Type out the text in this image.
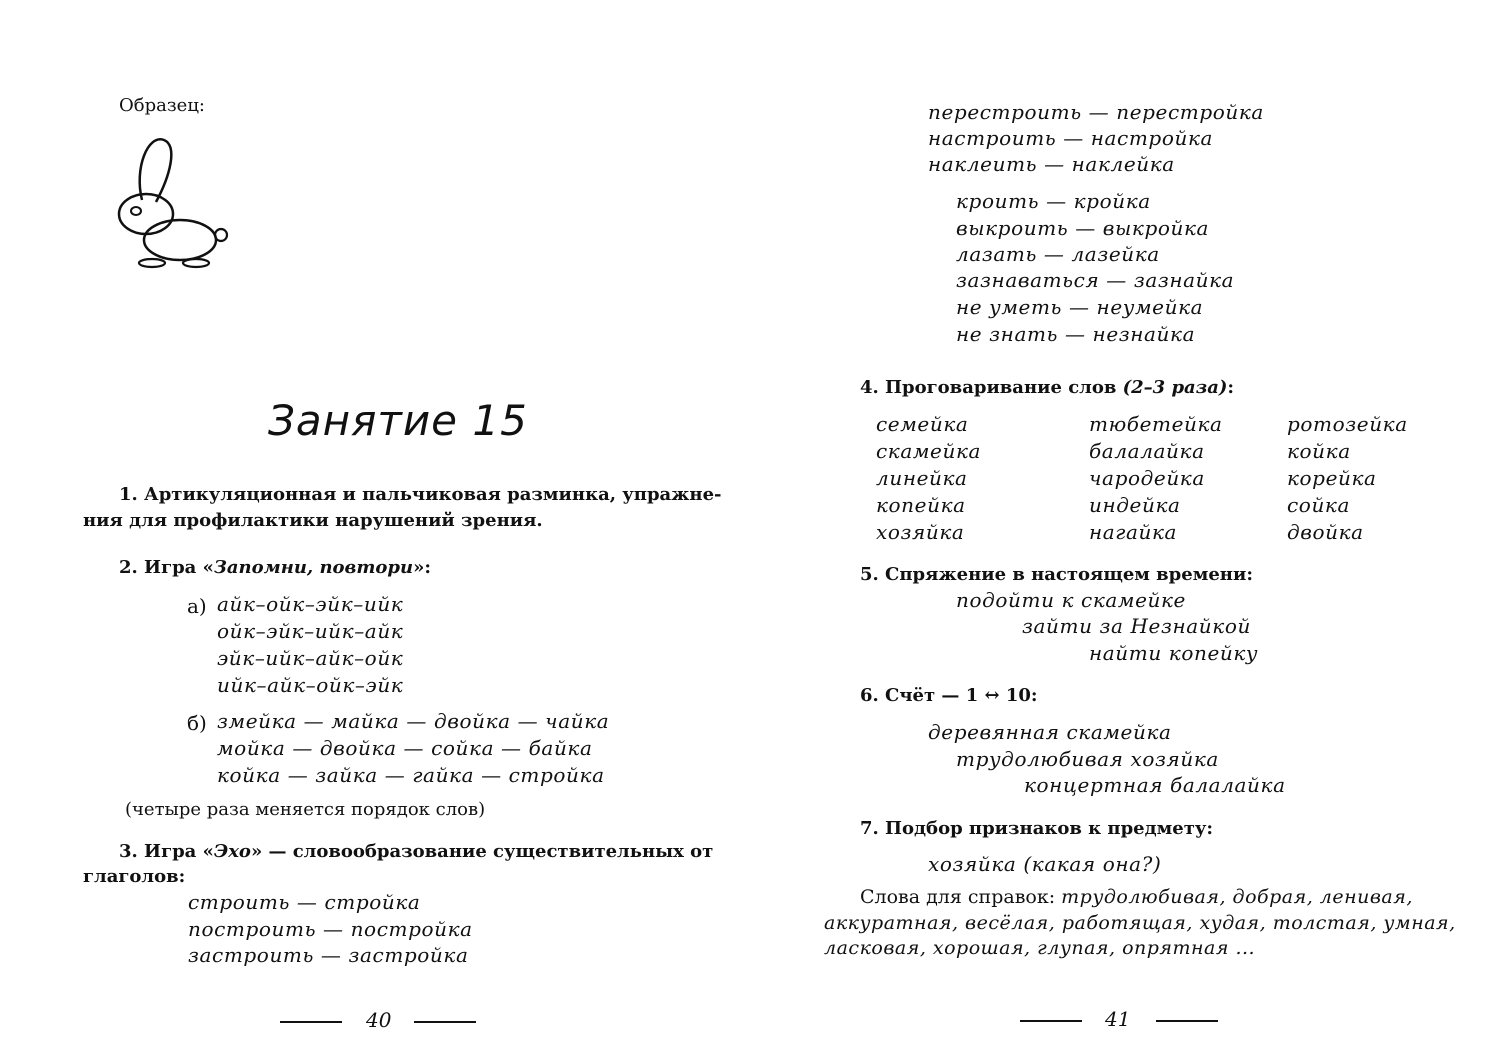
Образец:
Занятие 15
1. Артикуляционная и пальчиковая разминка, упражне-
ния для профилактики нарушений зрения.
2. Игра «Запомни, повтори»:
а) айк–ойк–эйк–ийк
ойк–эйк–ийк–айк
эйк–ийк–айк–ойк
ийк–айк–ойк–эйк
б) змейка — майка — двойка — чайка
мойка — двойка — сойка — байка
койка — зайка — гайка — стройка
(четыре раза меняется порядок слов)
3. Игра «Эхо» — словообразование существительных от
глаголов:
строить — стройка
построить — постройка
застроить — застройка
40
перестроить — перестройка
настроить — настройка
наклеить — наклейка
кроить — кройка
выкроить — выкройка
лазать — лазейка
зазнаваться — зазнайка
не уметь — неумейка
не знать — незнайка
4. Проговаривание слов (2–3 раза):
семейка
скамейка
линейка
копейка
хозяйка
тюбетейка
балалайка
чародейка
индейка
нагайка
ротозейка
койка
корейка
сойка
двойка
5. Спряжение в настоящем времени:
подойти к скамейке
зайти за Незнайкой
найти копейку
6. Счёт — 1 ↔ 10:
деревянная скамейка
трудолюбивая хозяйка
концертная балалайка
7. Подбор признаков к предмету:
хозяйка (какая она?)
Слова для справок: трудолюбивая, добрая, ленивая,
аккуратная, весёлая, работящая, худая, толстая, умная,
ласковая, хорошая, глупая, опрятная ...
41
